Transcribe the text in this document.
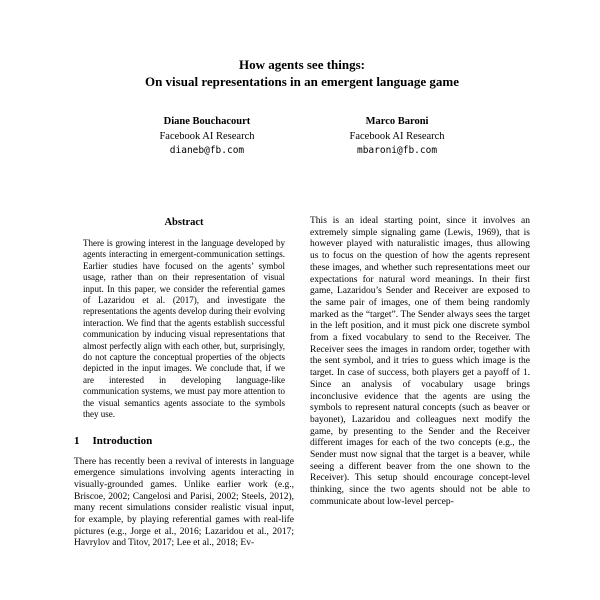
How agents see things:
On visual representations in an emergent language game
Diane Bouchacourt
Facebook AI Research
dianeb@fb.com
Marco Baroni
Facebook AI Research
mbaroni@fb.com
Abstract
There is growing interest in the language developed by agents interacting in emergent-communication settings. Earlier studies have focused on the agents’ symbol usage, rather than on their representation of visual input. In this paper, we consider the referential games of Lazaridou et al. (2017), and investigate the representations the agents develop during their evolving interaction. We find that the agents establish successful communication by inducing visual representations that almost perfectly align with each other, but, surprisingly, do not capture the conceptual properties of the objects depicted in the input images. We conclude that, if we are interested in developing language-like communication systems, we must pay more attention to the visual semantics agents associate to the symbols they use.
1 Introduction
There has recently been a revival of interests in language emergence simulations involving agents interacting in visually-grounded games. Unlike earlier work (e.g., Briscoe, 2002; Cangelosi and Parisi, 2002; Steels, 2012), many recent simulations consider realistic visual input, for example, by playing referential games with real-life pictures (e.g., Jorge et al., 2016; Lazaridou et al., 2017; Havrylov and Titov, 2017; Lee et al., 2018; Ev-
This is an ideal starting point, since it involves an extremely simple signaling game (Lewis, 1969), that is however played with naturalistic images, thus allowing us to focus on the question of how the agents represent these images, and whether such representations meet our expectations for natural word meanings. In their first game, Lazaridou’s Sender and Receiver are exposed to the same pair of images, one of them being randomly marked as the “target”. The Sender always sees the target in the left position, and it must pick one discrete symbol from a fixed vocabulary to send to the Receiver. The Receiver sees the images in random order, together with the sent symbol, and it tries to guess which image is the target. In case of success, both players get a payoff of 1. Since an analysis of vocabulary usage brings inconclusive evidence that the agents are using the symbols to represent natural concepts (such as beaver or bayonet), Lazaridou and colleagues next modify the game, by presenting to the Sender and the Receiver different images for each of the two concepts (e.g., the Sender must now signal that the target is a beaver, while seeing a different beaver from the one shown to the Receiver). This setup should encourage concept-level thinking, since the two agents should not be able to communicate about low-level percep-
